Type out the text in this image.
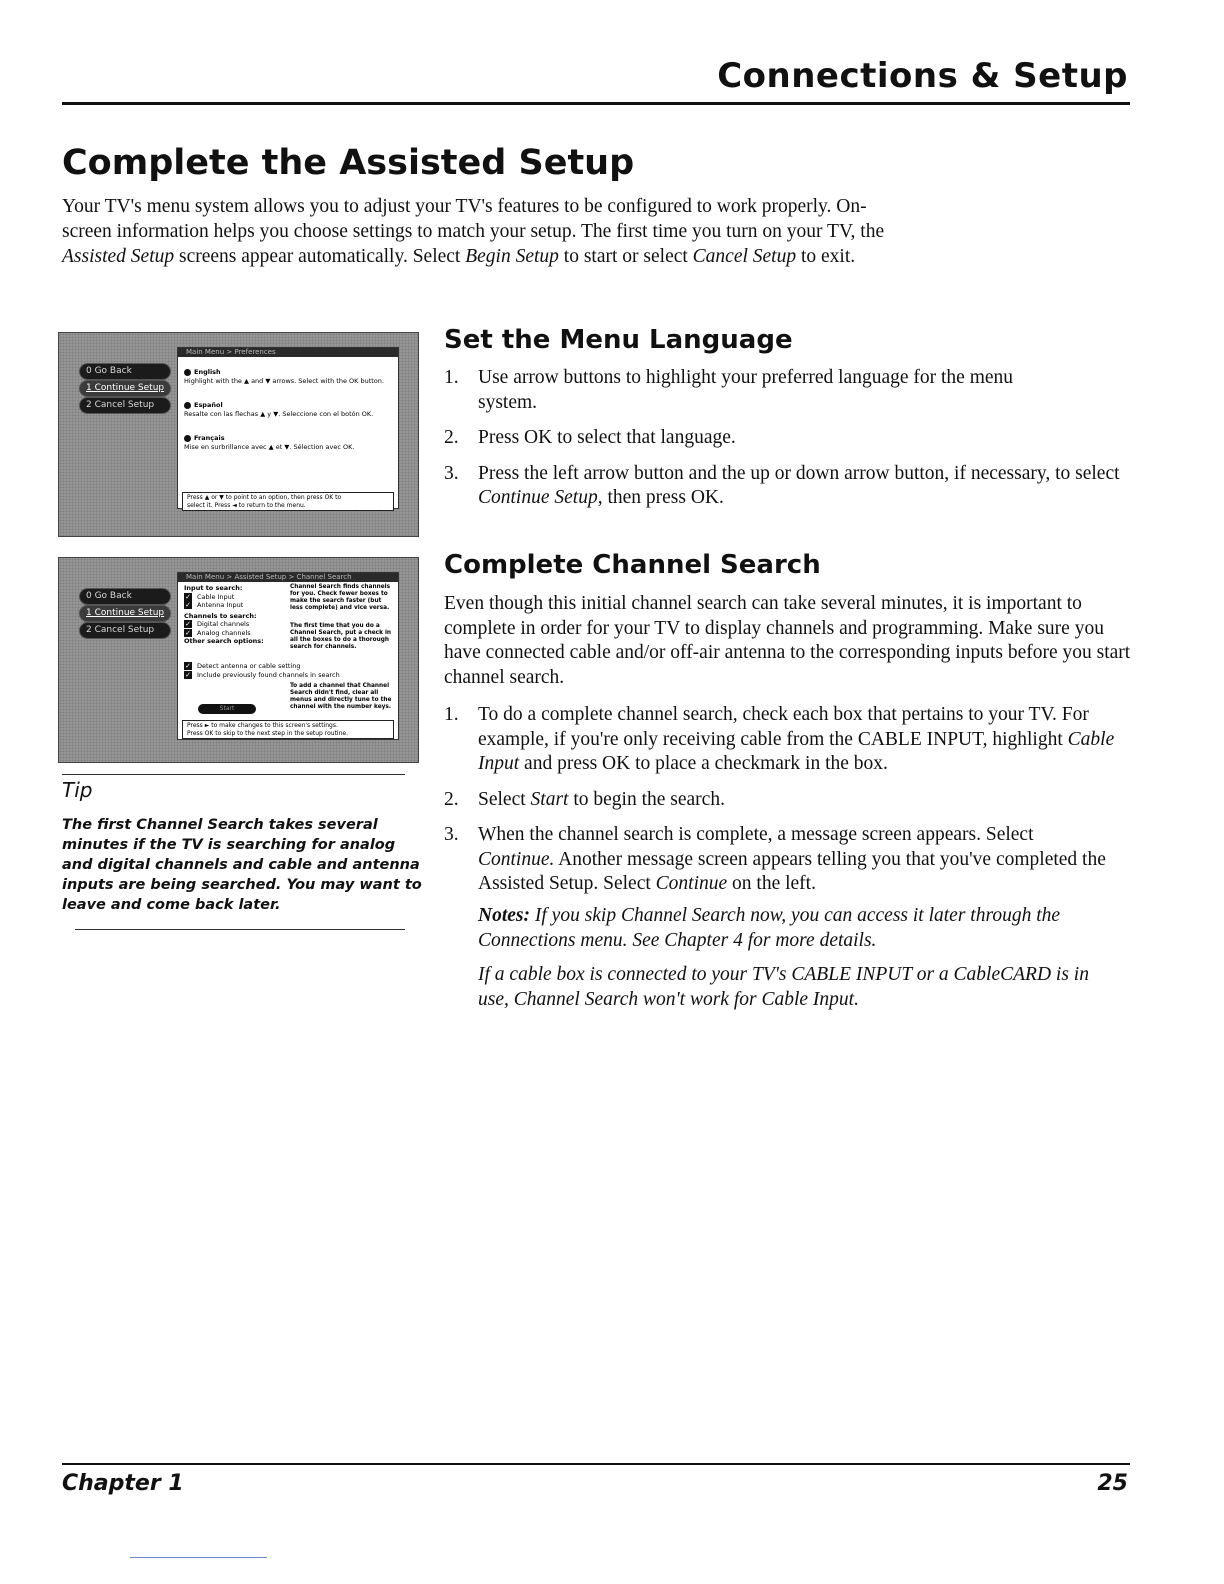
Connections & Setup
Complete the Assisted Setup

Your TV's menu system allows you to adjust your TV's features to be configured to work properly. On-screen information helps you choose settings to match your setup. The first time you turn on your TV, the Assisted Setup screens appear automatically. Select Begin Setup to start or select Cancel Setup to exit.

0 Go Back
1 Continue Setup
2 Cancel Setup
Main Menu > Preferences
English
Highlight with the ▲ and ▼ arrows. Select with the OK button.
Español
Resalte con las flechas ▲ y ▼. Seleccione con el botón OK.
Français
Mise en surbrillance avec ▲ et ▼. Sélection avec OK.
Press ▲ or ▼ to point to an option, then press OK to
select it. Press ◄ to return to the menu.
0 Go Back
1 Continue Setup
2 Cancel Setup
Main Menu > Assisted Setup > Channel Search
Input to search:
✓ Cable Input
✓ Antenna Input
Channels to search:
✓ Digital channels
✓ Analog channels
Other search options:
✓ Detect antenna or cable setting
✓ Include previously found channels in search
Channel Search finds channels for you. Check fewer boxes to make the search faster (but less complete) and vice versa.
The first time that you do a Channel Search, put a check in all the boxes to do a thorough search for channels.
To add a channel that Channel Search didn't find, clear all menus and directly tune to the channel with the number keys.
Start
Press ► to make changes to this screen's settings.
Press OK to skip to the next step in the setup routine.
Tip
The first Channel Search takes several minutes if the TV is searching for analog and digital channels and cable and antenna inputs are being searched. You may want to leave and come back later.
Set the Menu Language
1. Use arrow buttons to highlight your preferred language for the menu system.
2. Press OK to select that language.
3. Press the left arrow button and the up or down arrow button, if necessary, to select Continue Setup, then press OK.
Complete Channel Search

Even though this initial channel search can take several minutes, it is important to complete in order for your TV to display channels and programming. Make sure you have connected cable and/or off-air antenna to the corresponding inputs before you start channel search.

1. To do a complete channel search, check each box that pertains to your TV. For example, if you're only receiving cable from the CABLE INPUT, highlight Cable Input and press OK to place a checkmark in the box.
2. Select Start to begin the search.
3. When the channel search is complete, a message screen appears. Select Continue. Another message screen appears telling you that you've completed the Assisted Setup. Select Continue on the left.

Notes: If you skip Channel Search now, you can access it later through the Connections menu. See Chapter 4 for more details.

If a cable box is connected to your TV's CABLE INPUT or a CableCARD is in use, Channel Search won't work for Cable Input.

Chapter 1	25
